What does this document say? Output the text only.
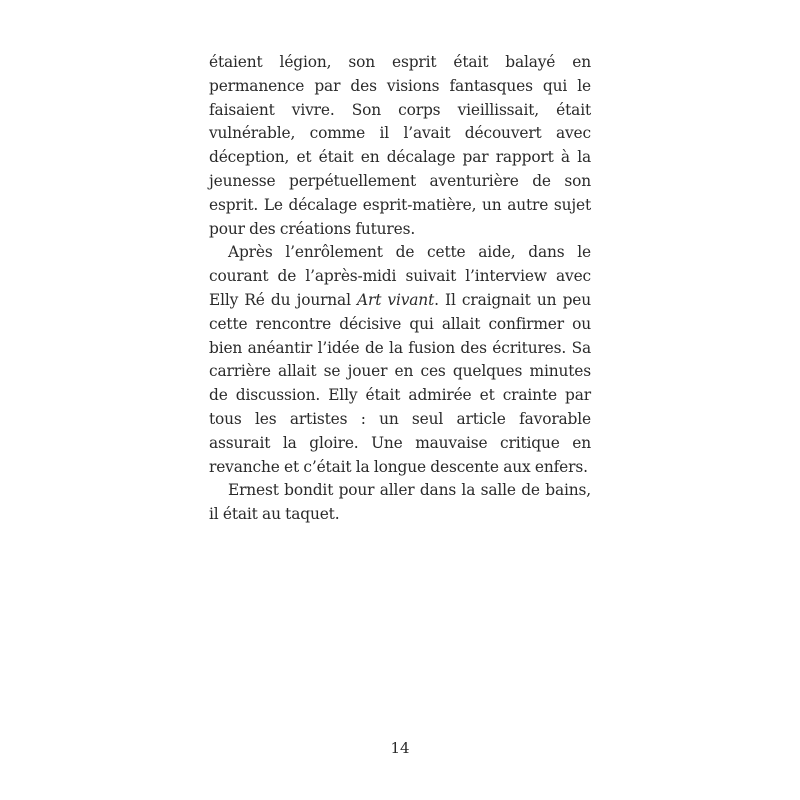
étaient légion, son esprit était balayé en permanence par des visions fantasques qui le faisaient vivre. Son corps vieillissait, était vulnérable, comme il l’avait découvert avec déception, et était en décalage par rapport à la jeunesse perpétuellement aventurière de son esprit. Le décalage esprit-matière, un autre sujet pour des créations futures.

Après l’enrôlement de cette aide, dans le courant de l’après-midi suivait l’interview avec Elly Ré du journal Art vivant. Il craignait un peu cette rencontre décisive qui allait confirmer ou bien anéantir l’idée de la fusion des écritures. Sa carrière allait se jouer en ces quelques minutes de discussion. Elly était admirée et crainte par tous les artistes : un seul article favorable assurait la gloire. Une mauvaise critique en revanche et c’était la longue descente aux enfers.

Ernest bondit pour aller dans la salle de bains, il était au taquet.

14
